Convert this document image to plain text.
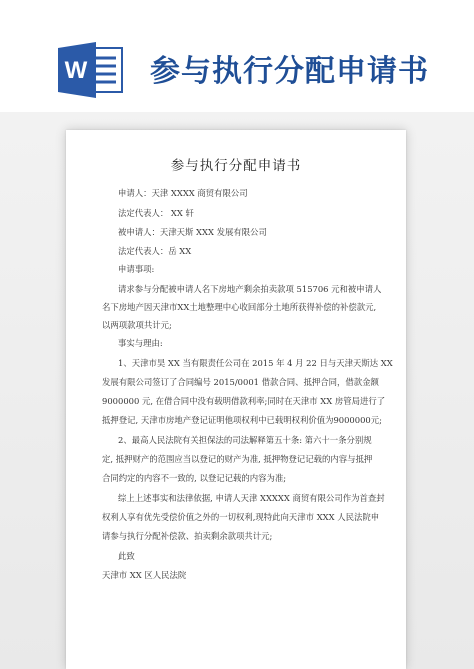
W 参与执行分配申请书
参与执行分配申请书
申请人：天津 XXXX 商贸有限公司
法定代表人： XX 轩
被申请人：天津天斯 XXX 发展有限公司
法定代表人：岳 XX
申请事项:
请求参与分配被申请人名下房地产剩余拍卖款项 515706 元和被申请人
名下房地产因天津市XX土地整理中心收回部分土地所获得补偿的补偿款元,
以两项款项共计元;
事实与理由:
1、天津市昊 XX 当有限责任公司在 2015 年 4 月 22 日与天津天斯达 XX
发展有限公司签订了合同编号 2015/0001 借款合同、抵押合同，借款金额
9000000 元, 在借合同中没有载明借款利率;同时在天津市 XX 房管局进行了
抵押登记, 天津市房地产登记证明他项权利中已载明权利价值为9000000元;
2、最高人民法院有关担保法的司法解释第五十条: 第六十一条分别规
定, 抵押财产的范围应当以登记的财产为准, 抵押物登记记载的内容与抵押
合同约定的内容不一致的, 以登记记载的内容为准;
综上上述事实和法律依据, 申请人天津 XXXXX 商贸有限公司作为首查封
权利人享有优先受偿价值之外的一切权利,现特此向天津市 XXX 人民法院申
请参与执行分配补偿款、拍卖剩余款项共计元;
此致
天津市 XX 区人民法院
